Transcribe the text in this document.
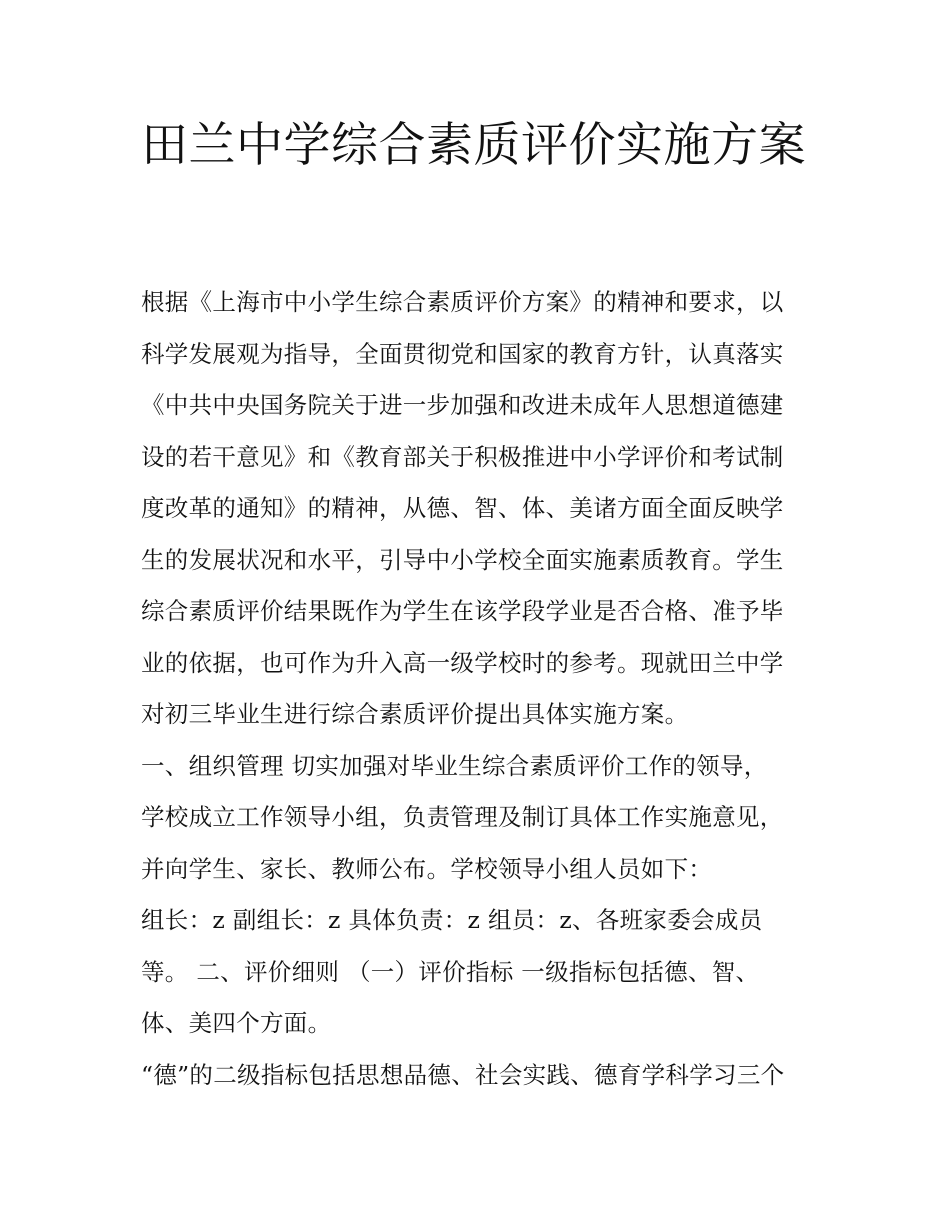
田兰中学综合素质评价实施方案
根据《上海市中小学生综合素质评价方案》的精神和要求，以
科学发展观为指导，全面贯彻党和国家的教育方针，认真落实
《中共中央国务院关于进一步加强和改进未成年人思想道德建
设的若干意见》和《教育部关于积极推进中小学评价和考试制
度改革的通知》的精神，从德、智、体、美诸方面全面反映学
生的发展状况和水平，引导中小学校全面实施素质教育。学生
综合素质评价结果既作为学生在该学段学业是否合格、准予毕
业的依据，也可作为升入高一级学校时的参考。现就田兰中学
对初三毕业生进行综合素质评价提出具体实施方案。
一、组织管理 切实加强对毕业生综合素质评价工作的领导，
学校成立工作领导小组，负责管理及制订具体工作实施意见，
并向学生、家长、教师公布。学校领导小组人员如下：
组长：z 副组长：z 具体负责：z 组员：z、各班家委会成员
等。 二、评价细则 （一）评价指标 一级指标包括德、智、
体、美四个方面。
“德”的二级指标包括思想品德、社会实践、德育学科学习三个
